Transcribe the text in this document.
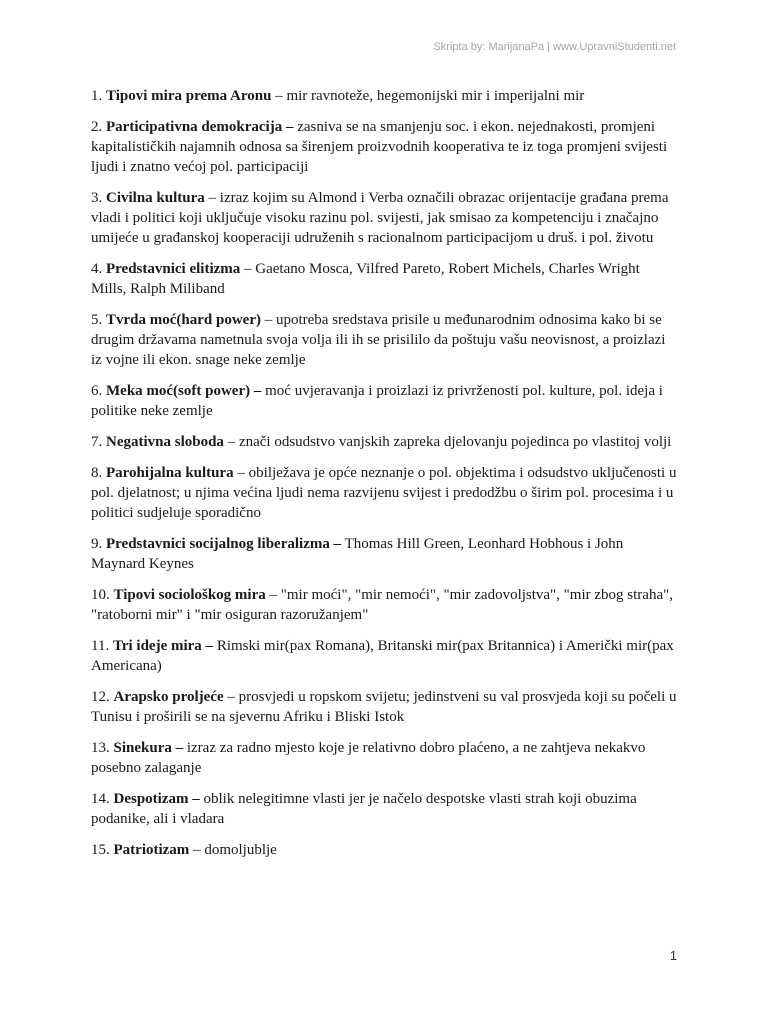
Skripta by: MarijanaPa | www.UpravniStudenti.net

1. Tipovi mira prema Aronu – mir ravnoteže, hegemonijski mir i imperijalni mir

2. Participativna demokracija – zasniva se na smanjenju soc. i ekon. nejednakosti, promjeni kapitalističkih najamnih odnosa sa širenjem proizvodnih kooperativa te iz toga promjeni svijesti ljudi i znatno većoj pol. participaciji

3. Civilna kultura – izraz kojim su Almond i Verba označili obrazac orijentacije građana prema vladi i politici koji uključuje visoku razinu pol. svijesti, jak smisao za kompetenciju i značajno umijeće u građanskoj kooperaciji udruženih s racionalnom participacijom u druš. i pol. životu

4. Predstavnici elitizma – Gaetano Mosca, Vilfred Pareto, Robert Michels, Charles Wright Mills, Ralph Miliband

5. Tvrda moć(hard power) – upotreba sredstava prisile u međunarodnim odnosima kako bi se drugim državama nametnula svoja volja ili ih se prisililo da poštuju vašu neovisnost, a proizlazi iz vojne ili ekon. snage neke zemlje

6. Meka moć(soft power) – moć uvjeravanja i proizlazi iz privrženosti pol. kulture, pol. ideja i politike neke zemlje

7. Negativna sloboda – znači odsudstvo vanjskih zapreka djelovanju pojedinca po vlastitoj volji

8. Parohijalna kultura – obilježava je opće neznanje o pol. objektima i odsudstvo uključenosti u pol. djelatnost; u njima većina ljudi nema razvijenu svijest i predodžbu o širim pol. procesima i u politici sudjeluje sporadično

9. Predstavnici socijalnog liberalizma – Thomas Hill Green, Leonhard Hobhous i John Maynard Keynes

10. Tipovi sociološkog mira – "mir moći", "mir nemoći", "mir zadovoljstva", "mir zbog straha", "ratoborni mir" i "mir osiguran razoružanjem"

11. Tri ideje mira – Rimski mir(pax Romana), Britanski mir(pax Britannica) i Američki mir(pax Americana)

12. Arapsko proljeće – prosvjedi u ropskom svijetu; jedinstveni su val prosvjeda koji su počeli u Tunisu i proširili se na sjevernu Afriku i Bliski Istok

13. Sinekura – izraz za radno mjesto koje je relativno dobro plaćeno, a ne zahtjeva nekakvo posebno zalaganje

14. Despotizam – oblik nelegitimne vlasti jer je načelo despotske vlasti strah koji obuzima podanike, ali i vladara

15. Patriotizam – domoljublje

1
